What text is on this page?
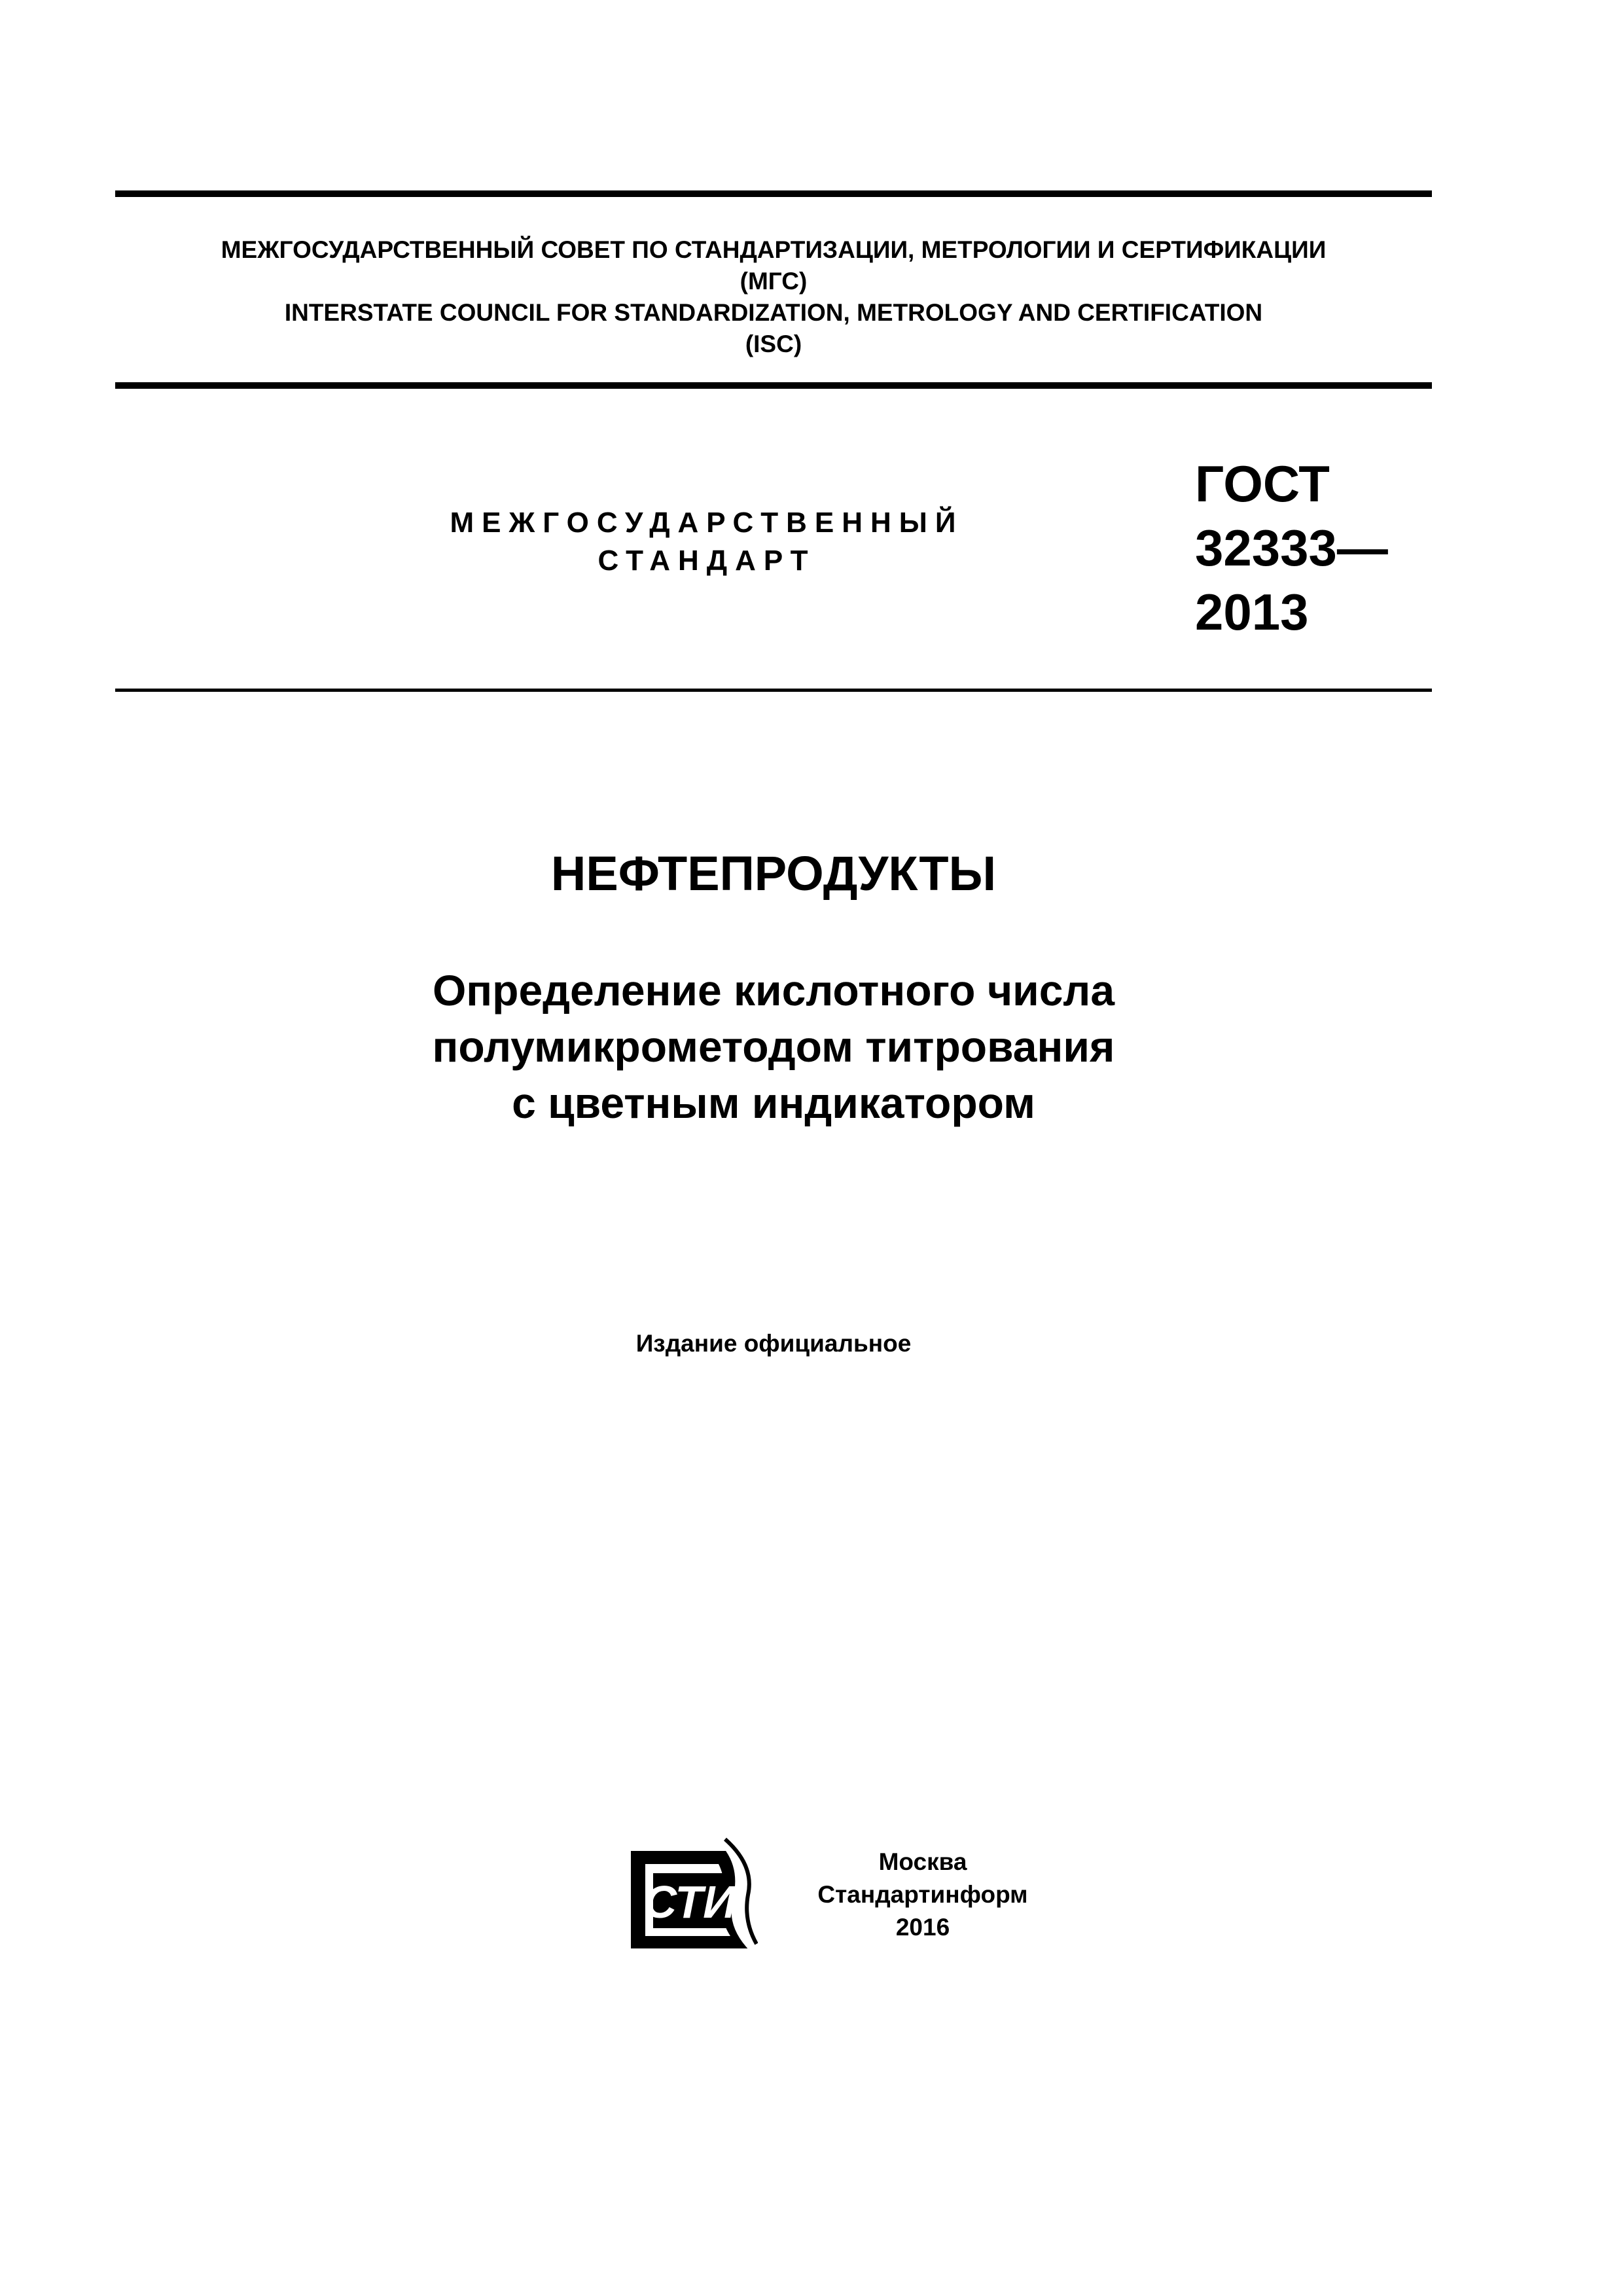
МЕЖГОСУДАРСТВЕННЫЙ СОВЕТ ПО СТАНДАРТИЗАЦИИ, МЕТРОЛОГИИ И СЕРТИФИКАЦИИ
(МГС)
INTERSTATE COUNCIL FOR STANDARDIZATION, METROLOGY AND CERTIFICATION
(ISC)
МЕЖГОСУДАРСТВЕННЫЙ
СТАНДАРТ
ГОСТ
32333—
2013
НЕФТЕПРОДУКТЫ
Определение кислотного числа
полумикрометодом титрования
с цветным индикатором
Издание официальное
СТИ
Москва
Стандартинформ
2016
